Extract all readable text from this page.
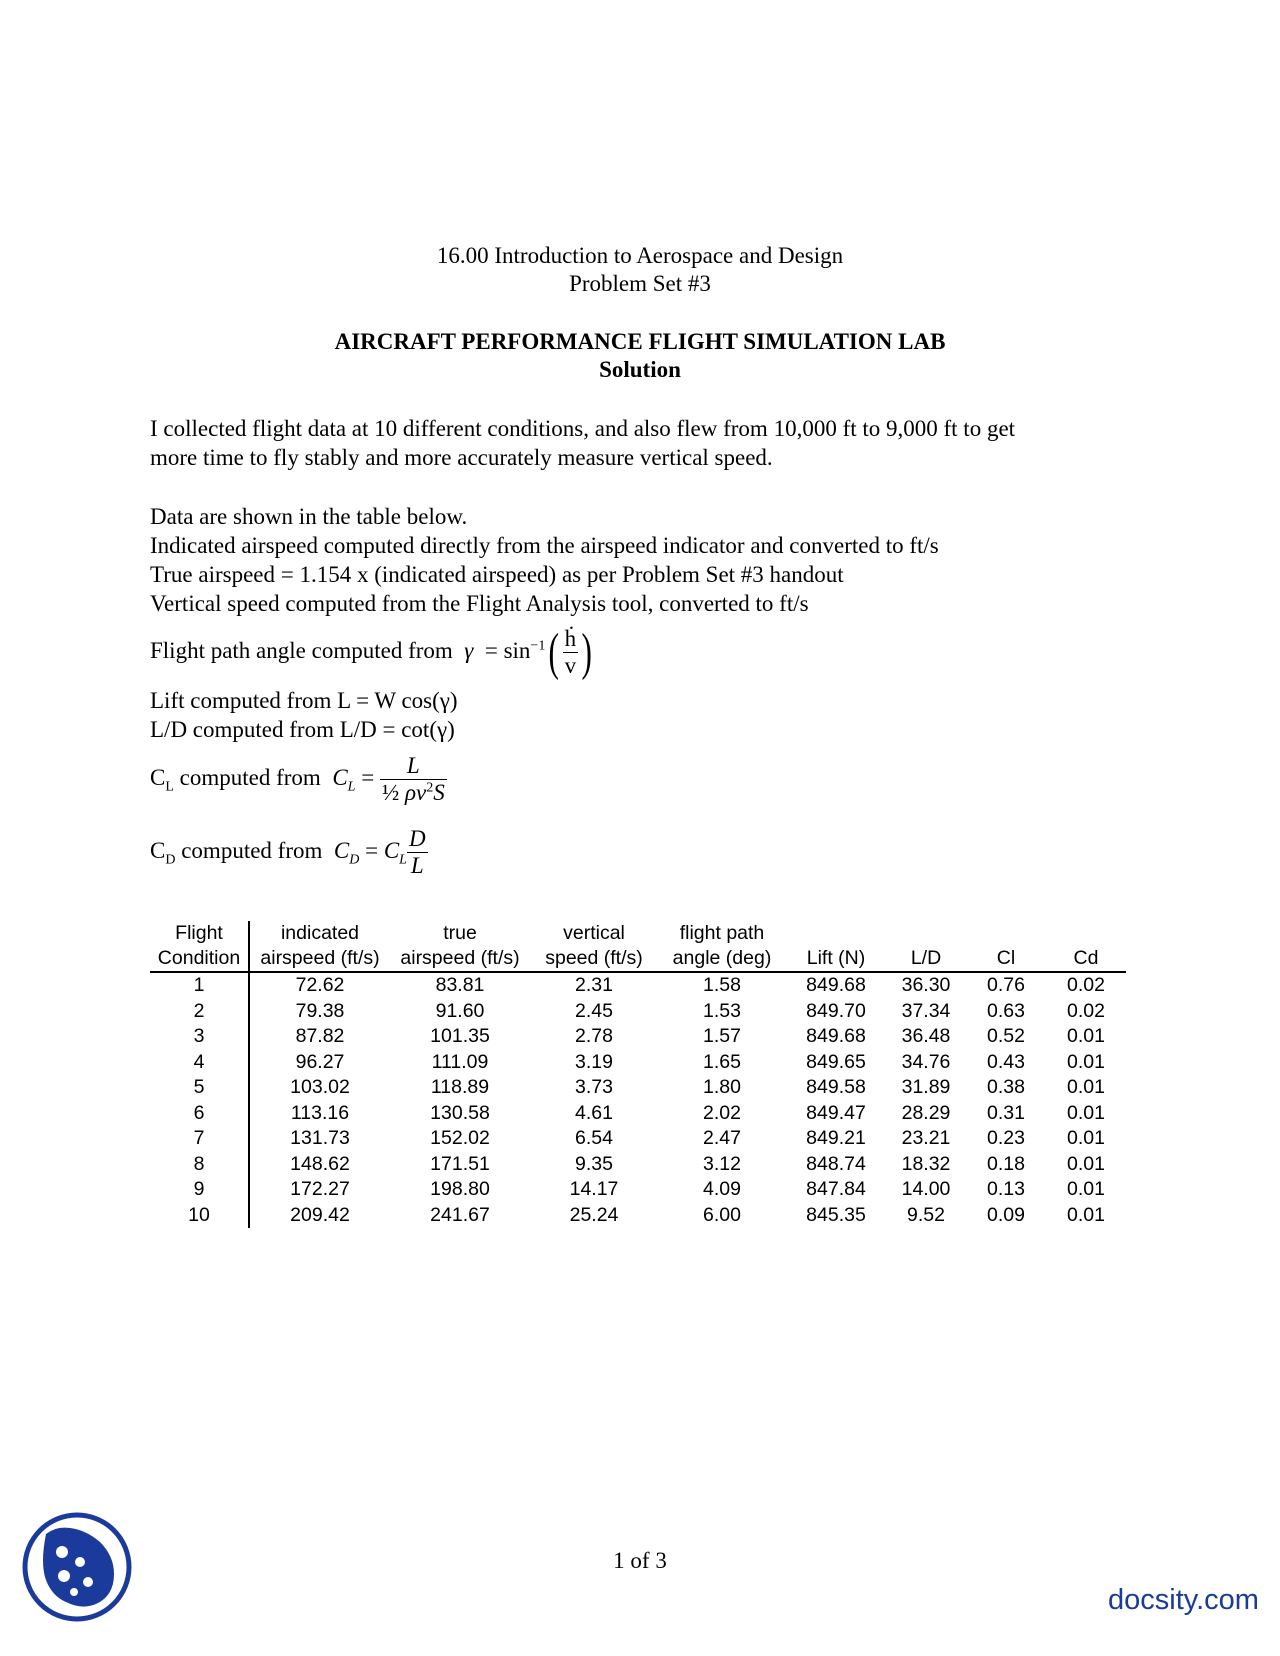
16.00 Introduction to Aerospace and Design
Problem Set #3
AIRCRAFT PERFORMANCE FLIGHT SIMULATION LAB
Solution
I collected flight data at 10 different conditions, and also flew from 10,000 ft to 9,000 ft to get
more time to fly stably and more accurately measure vertical speed.
Data are shown in the table below.
Indicated airspeed computed directly from the airspeed indicator and converted to ft/s
True airspeed = 1.154 x (indicated airspeed) as per Problem Set #3 handout
Vertical speed computed from the Flight Analysis tool, converted to ft/s
Flight path angle computed from  $\gamma = \sin^{-1}( \frac{\text{ḣ}}{v}$ )
Lift computed from L = W cos(γ)
L/D computed from L/D = cot(γ)
$C_L$ computed from  $C_L = \frac{L}{\frac{1}{2} \rho v^2S}$
$C_D$ computed from  $C_D = C_L \frac{D}{L}$
Flight	indicated	true	vertical	flight path				
Condition	airspeed (ft/s)	airspeed (ft/s)	speed (ft/s)	angle (deg)	Lift (N)	L/D	Cl	Cd
1	72.62	83.81	2.31	1.58	849.68	36.30	0.76	0.02
2	79.38	91.60	2.45	1.53	849.70	37.34	0.63	0.02
3	87.82	101.35	2.78	1.57	849.68	36.48	0.52	0.01
4	96.27	111.09	3.19	1.65	849.65	34.76	0.43	0.01
5	103.02	118.89	3.73	1.80	849.58	31.89	0.38	0.01
6	113.16	130.58	4.61	2.02	849.47	28.29	0.31	0.01
7	131.73	152.02	6.54	2.47	849.21	23.21	0.23	0.01
8	148.62	171.51	9.35	3.12	848.74	18.32	0.18	0.01
9	172.27	198.80	14.17	4.09	847.84	14.00	0.13	0.01
10	209.42	241.67	25.24	6.00	845.35	9.52	0.09	0.01
1 of 3
docsity.com
